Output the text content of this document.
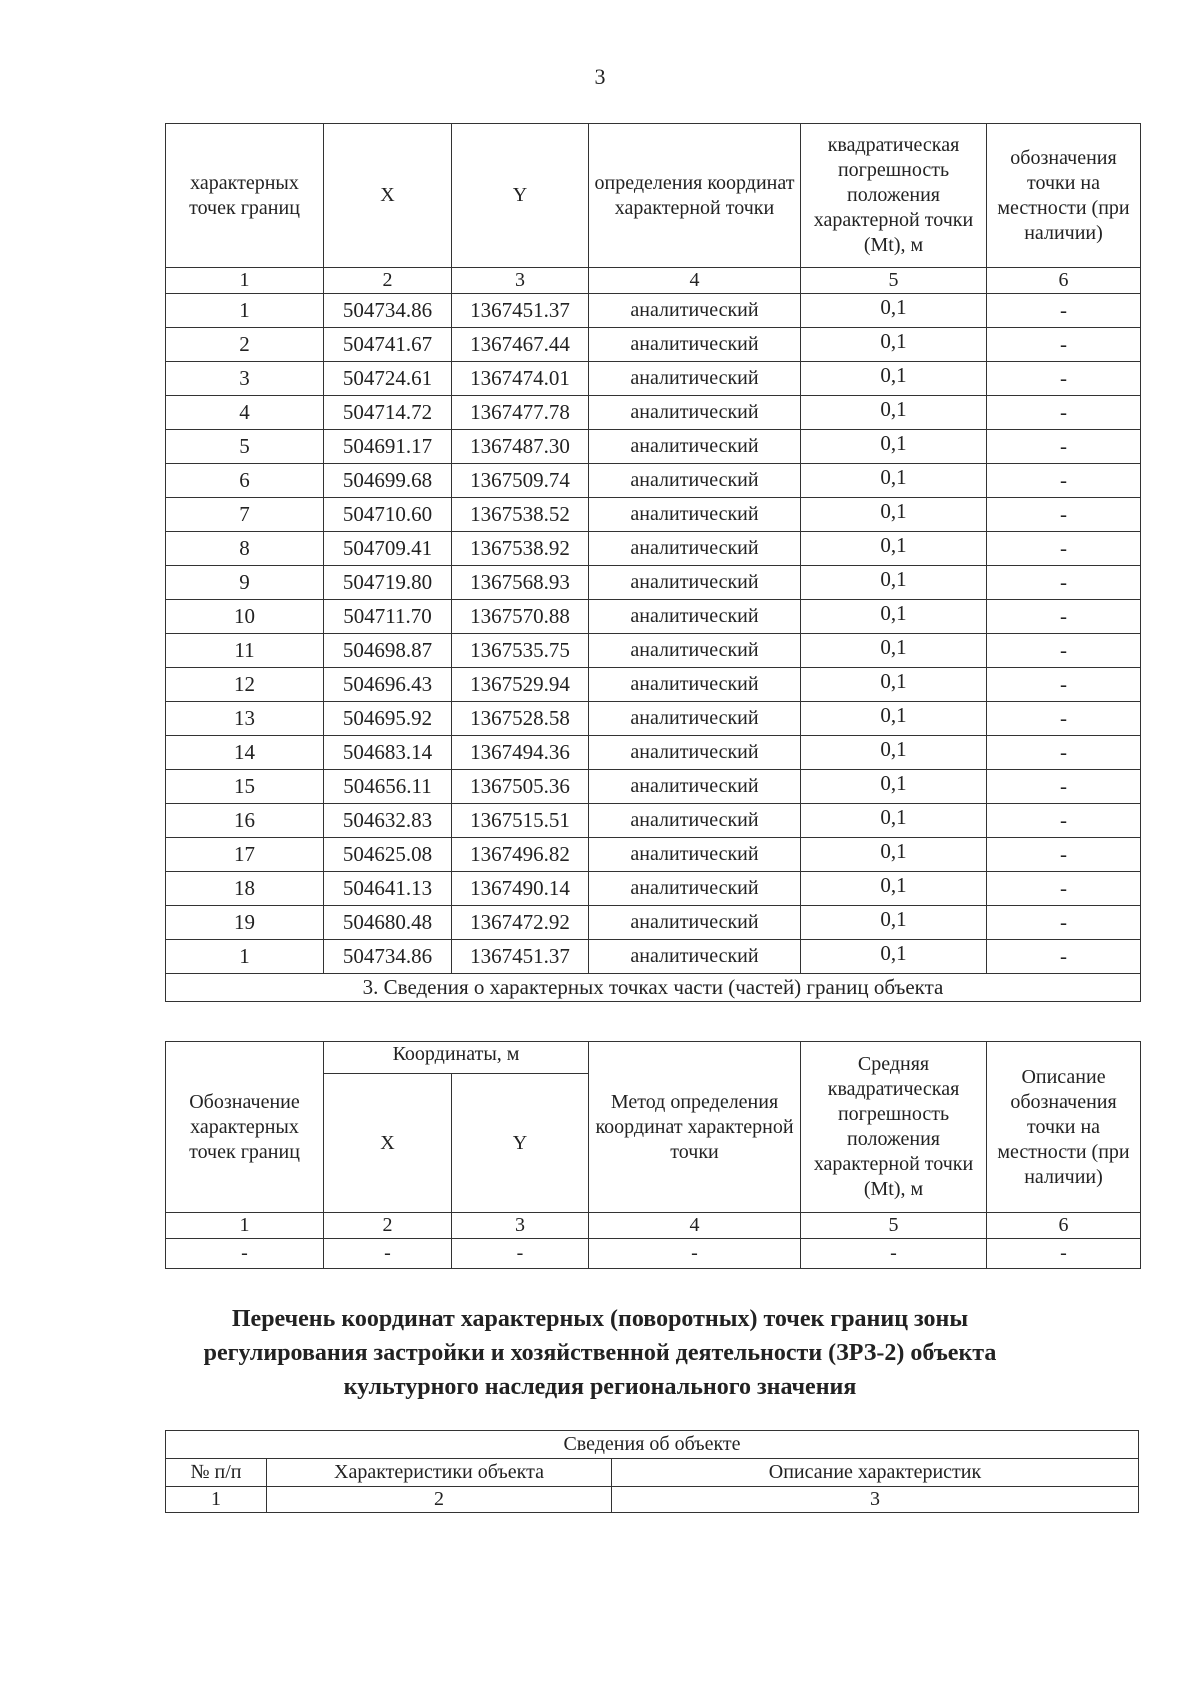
3
характерных точек границ	X	Y	определения координат характерной точки	квадратическая погрешность положения характерной точки (Mt), м	обозначения точки на местности (при наличии)
1	2	3	4	5	6
1	504734.86	1367451.37	аналитический	0,1	-
2	504741.67	1367467.44	аналитический	0,1	-
3	504724.61	1367474.01	аналитический	0,1	-
4	504714.72	1367477.78	аналитический	0,1	-
5	504691.17	1367487.30	аналитический	0,1	-
6	504699.68	1367509.74	аналитический	0,1	-
7	504710.60	1367538.52	аналитический	0,1	-
8	504709.41	1367538.92	аналитический	0,1	-
9	504719.80	1367568.93	аналитический	0,1	-
10	504711.70	1367570.88	аналитический	0,1	-
11	504698.87	1367535.75	аналитический	0,1	-
12	504696.43	1367529.94	аналитический	0,1	-
13	504695.92	1367528.58	аналитический	0,1	-
14	504683.14	1367494.36	аналитический	0,1	-
15	504656.11	1367505.36	аналитический	0,1	-
16	504632.83	1367515.51	аналитический	0,1	-
17	504625.08	1367496.82	аналитический	0,1	-
18	504641.13	1367490.14	аналитический	0,1	-
19	504680.48	1367472.92	аналитический	0,1	-
1	504734.86	1367451.37	аналитический	0,1	-
3. Сведения о характерных точках части (частей) границ объекта					
Обозначение характерных точек границ	Координаты, м		Метод определения координат характерной точки	Средняя квадратическая погрешность положения характерной точки (Mt), м	Описание обозначения точки на местности (при наличии)
	X	Y			
1	2	3	4	5	6
-	-	-	-	-	-
Перечень координат характерных (поворотных) точек границ зоны
регулирования застройки и хозяйственной деятельности (ЗРЗ-2) объекта
культурного наследия регионального значения
Сведения об объекте		
№ п/п	Характеристики объекта	Описание характеристик
1	2	3
